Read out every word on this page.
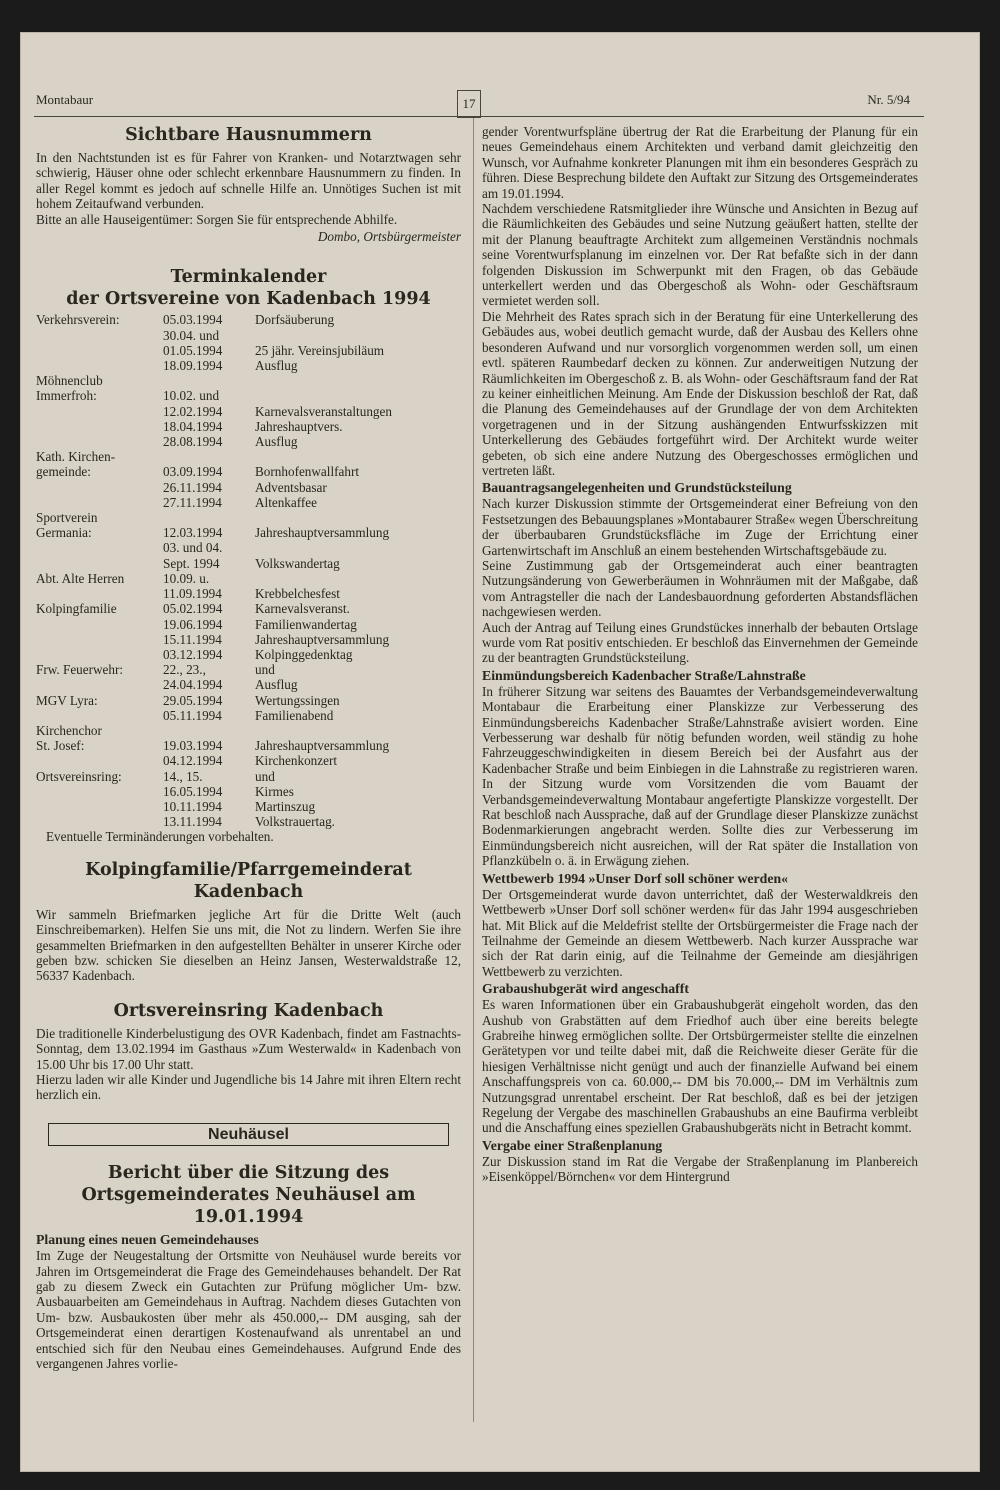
Montabaur	17	Nr. 5/94
Sichtbare Hausnummern

In den Nachtstunden ist es für Fahrer von Kranken- und Notarztwagen sehr schwierig, Häuser ohne oder schlecht erkennbare Hausnummern zu finden. In aller Regel kommt es jedoch auf schnelle Hilfe an. Unnötiges Suchen ist mit hohem Zeitaufwand verbunden.

Bitte an alle Hauseigentümer: Sorgen Sie für entsprechende Abhilfe.

Dombo, Ortsbürgermeister

Terminkalender
der Ortsvereine von Kadenbach 1994
Verkehrsverein:	05.03.1994	Dorfsäuberung
	30.04. und	
	01.05.1994	25 jähr. Vereinsjubiläum
	18.09.1994	Ausflug
Möhnenclub		
Immerfroh:	10.02. und	
	12.02.1994	Karnevalsveranstaltungen
	18.04.1994	Jahreshauptvers.
	28.08.1994	Ausflug
Kath. Kirchen-		
gemeinde:	03.09.1994	Bornhofenwallfahrt
	26.11.1994	Adventsbasar
	27.11.1994	Altenkaffee
Sportverein		
Germania:	12.03.1994	Jahreshauptversammlung
	03. und 04.	
	Sept. 1994	Volkswandertag
Abt. Alte Herren	10.09. u.	
	11.09.1994	Krebbelchesfest
Kolpingfamilie	05.02.1994	Karnevalsveranst.
	19.06.1994	Familienwandertag
	15.11.1994	Jahreshauptversammlung
	03.12.1994	Kolpinggedenktag
Frw. Feuerwehr:	22., 23.,	und
	24.04.1994	Ausflug
MGV Lyra:	29.05.1994	Wertungssingen
	05.11.1994	Familienabend
Kirchenchor		
St. Josef:	19.03.1994	Jahreshauptversammlung
	04.12.1994	Kirchenkonzert
Ortsvereinsring:	14., 15.	und
	16.05.1994	Kirmes
	10.11.1994	Martinszug
	13.11.1994	Volkstrauertag.

Eventuelle Terminänderungen vorbehalten.

Kolpingfamilie/Pfarrgemeinderat Kadenbach

Wir sammeln Briefmarken jegliche Art für die Dritte Welt (auch Einschreibemarken). Helfen Sie uns mit, die Not zu lindern. Werfen Sie ihre gesammelten Briefmarken in den aufgestellten Behälter in unserer Kirche oder geben bzw. schicken Sie dieselben an Heinz Jansen, Westerwaldstraße 12, 56337 Kadenbach.

Ortsvereinsring Kadenbach

Die traditionelle Kinderbelustigung des OVR Kadenbach, findet am Fastnachts-Sonntag, dem 13.02.1994 im Gasthaus »Zum Westerwald« in Kadenbach von 15.00 Uhr bis 17.00 Uhr statt.

Hierzu laden wir alle Kinder und Jugendliche bis 14 Jahre mit ihren Eltern recht herzlich ein.

Neuhäusel
Bericht über die Sitzung des
Ortsgemeinderates Neuhäusel am 19.01.1994
Planung eines neuen Gemeindehauses

Im Zuge der Neugestaltung der Ortsmitte von Neuhäusel wurde bereits vor Jahren im Ortsgemeinderat die Frage des Gemeindehauses behandelt. Der Rat gab zu diesem Zweck ein Gutachten zur Prüfung möglicher Um- bzw. Ausbauarbeiten am Gemeindehaus in Auftrag. Nachdem dieses Gutachten von Um- bzw. Ausbaukosten über mehr als 450.000,-- DM ausging, sah der Ortsgemeinderat einen derartigen Kostenaufwand als unrentabel an und entschied sich für den Neubau eines Gemeindehauses. Aufgrund Ende des vergangenen Jahres vorlie-

gender Vorentwurfspläne übertrug der Rat die Erarbeitung der Planung für ein neues Gemeindehaus einem Architekten und verband damit gleichzeitig den Wunsch, vor Aufnahme konkreter Planungen mit ihm ein besonderes Gespräch zu führen. Diese Besprechung bildete den Auftakt zur Sitzung des Ortsgemeinderates am 19.01.1994.

Nachdem verschiedene Ratsmitglieder ihre Wünsche und Ansichten in Bezug auf die Räumlichkeiten des Gebäudes und seine Nutzung geäußert hatten, stellte der mit der Planung beauftragte Architekt zum allgemeinen Verständnis nochmals seine Vorentwurfsplanung im einzelnen vor. Der Rat befaßte sich in der dann folgenden Diskussion im Schwerpunkt mit den Fragen, ob das Gebäude unterkellert werden und das Obergeschoß als Wohn- oder Geschäftsraum vermietet werden soll.

Die Mehrheit des Rates sprach sich in der Beratung für eine Unterkellerung des Gebäudes aus, wobei deutlich gemacht wurde, daß der Ausbau des Kellers ohne besonderen Aufwand und nur vorsorglich vorgenommen werden soll, um einen evtl. späteren Raumbedarf decken zu können. Zur anderweitigen Nutzung der Räumlichkeiten im Obergeschoß z. B. als Wohn- oder Geschäftsraum fand der Rat zu keiner einheitlichen Meinung. Am Ende der Diskussion beschloß der Rat, daß die Planung des Gemeindehauses auf der Grundlage der von dem Architekten vorgetragenen und in der Sitzung aushängenden Entwurfsskizzen mit Unterkellerung des Gebäudes fortgeführt wird. Der Architekt wurde weiter gebeten, ob sich eine andere Nutzung des Obergeschosses ermöglichen und vertreten läßt.

Bauantragsangelegenheiten und Grundstücksteilung

Nach kurzer Diskussion stimmte der Ortsgemeinderat einer Befreiung von den Festsetzungen des Bebauungsplanes »Montabaurer Straße« wegen Überschreitung der überbaubaren Grundstücksfläche im Zuge der Errichtung einer Gartenwirtschaft im Anschluß an einem bestehenden Wirtschaftsgebäude zu.

Seine Zustimmung gab der Ortsgemeinderat auch einer beantragten Nutzungsänderung von Gewerberäumen in Wohnräumen mit der Maßgabe, daß vom Antragsteller die nach der Landesbauordnung geforderten Abstandsflächen nachgewiesen werden.

Auch der Antrag auf Teilung eines Grundstückes innerhalb der bebauten Ortslage wurde vom Rat positiv entschieden. Er beschloß das Einvernehmen der Gemeinde zu der beantragten Grundstücksteilung.

Einmündungsbereich Kadenbacher Straße/Lahnstraße

In früherer Sitzung war seitens des Bauamtes der Verbandsgemeindeverwaltung Montabaur die Erarbeitung einer Planskizze zur Verbesserung des Einmündungsbereichs Kadenbacher Straße/Lahnstraße avisiert worden. Eine Verbesserung war deshalb für nötig befunden worden, weil ständig zu hohe Fahrzeuggeschwindigkeiten in diesem Bereich bei der Ausfahrt aus der Kadenbacher Straße und beim Einbiegen in die Lahnstraße zu registrieren waren. In der Sitzung wurde vom Vorsitzenden die vom Bauamt der Verbandsgemeindeverwaltung Montabaur angefertigte Planskizze vorgestellt. Der Rat beschloß nach Aussprache, daß auf der Grundlage dieser Planskizze zunächst Bodenmarkierungen angebracht werden. Sollte dies zur Verbesserung im Einmündungsbereich nicht ausreichen, will der Rat später die Installation von Pflanzkübeln o. ä. in Erwägung ziehen.

Wettbewerb 1994 »Unser Dorf soll schöner werden«

Der Ortsgemeinderat wurde davon unterrichtet, daß der Westerwaldkreis den Wettbewerb »Unser Dorf soll schöner werden« für das Jahr 1994 ausgeschrieben hat. Mit Blick auf die Meldefrist stellte der Ortsbürgermeister die Frage nach der Teilnahme der Gemeinde an diesem Wettbewerb. Nach kurzer Aussprache war sich der Rat darin einig, auf die Teilnahme der Gemeinde am diesjährigen Wettbewerb zu verzichten.

Grabaushubgerät wird angeschafft

Es waren Informationen über ein Grabaushubgerät eingeholt worden, das den Aushub von Grabstätten auf dem Friedhof auch über eine bereits belegte Grabreihe hinweg ermöglichen sollte. Der Ortsbürgermeister stellte die einzelnen Gerätetypen vor und teilte dabei mit, daß die Reichweite dieser Geräte für die hiesigen Verhältnisse nicht genügt und auch der finanzielle Aufwand bei einem Anschaffungspreis von ca. 60.000,-- DM bis 70.000,-- DM im Verhältnis zum Nutzungsgrad unrentabel erscheint. Der Rat beschloß, daß es bei der jetzigen Regelung der Vergabe des maschinellen Grabaushubs an eine Baufirma verbleibt und die Anschaffung eines speziellen Grabaushubgeräts nicht in Betracht kommt.

Vergabe einer Straßenplanung

Zur Diskussion stand im Rat die Vergabe der Straßenplanung im Planbereich »Eisenköppel/Börnchen« vor dem Hintergrund
